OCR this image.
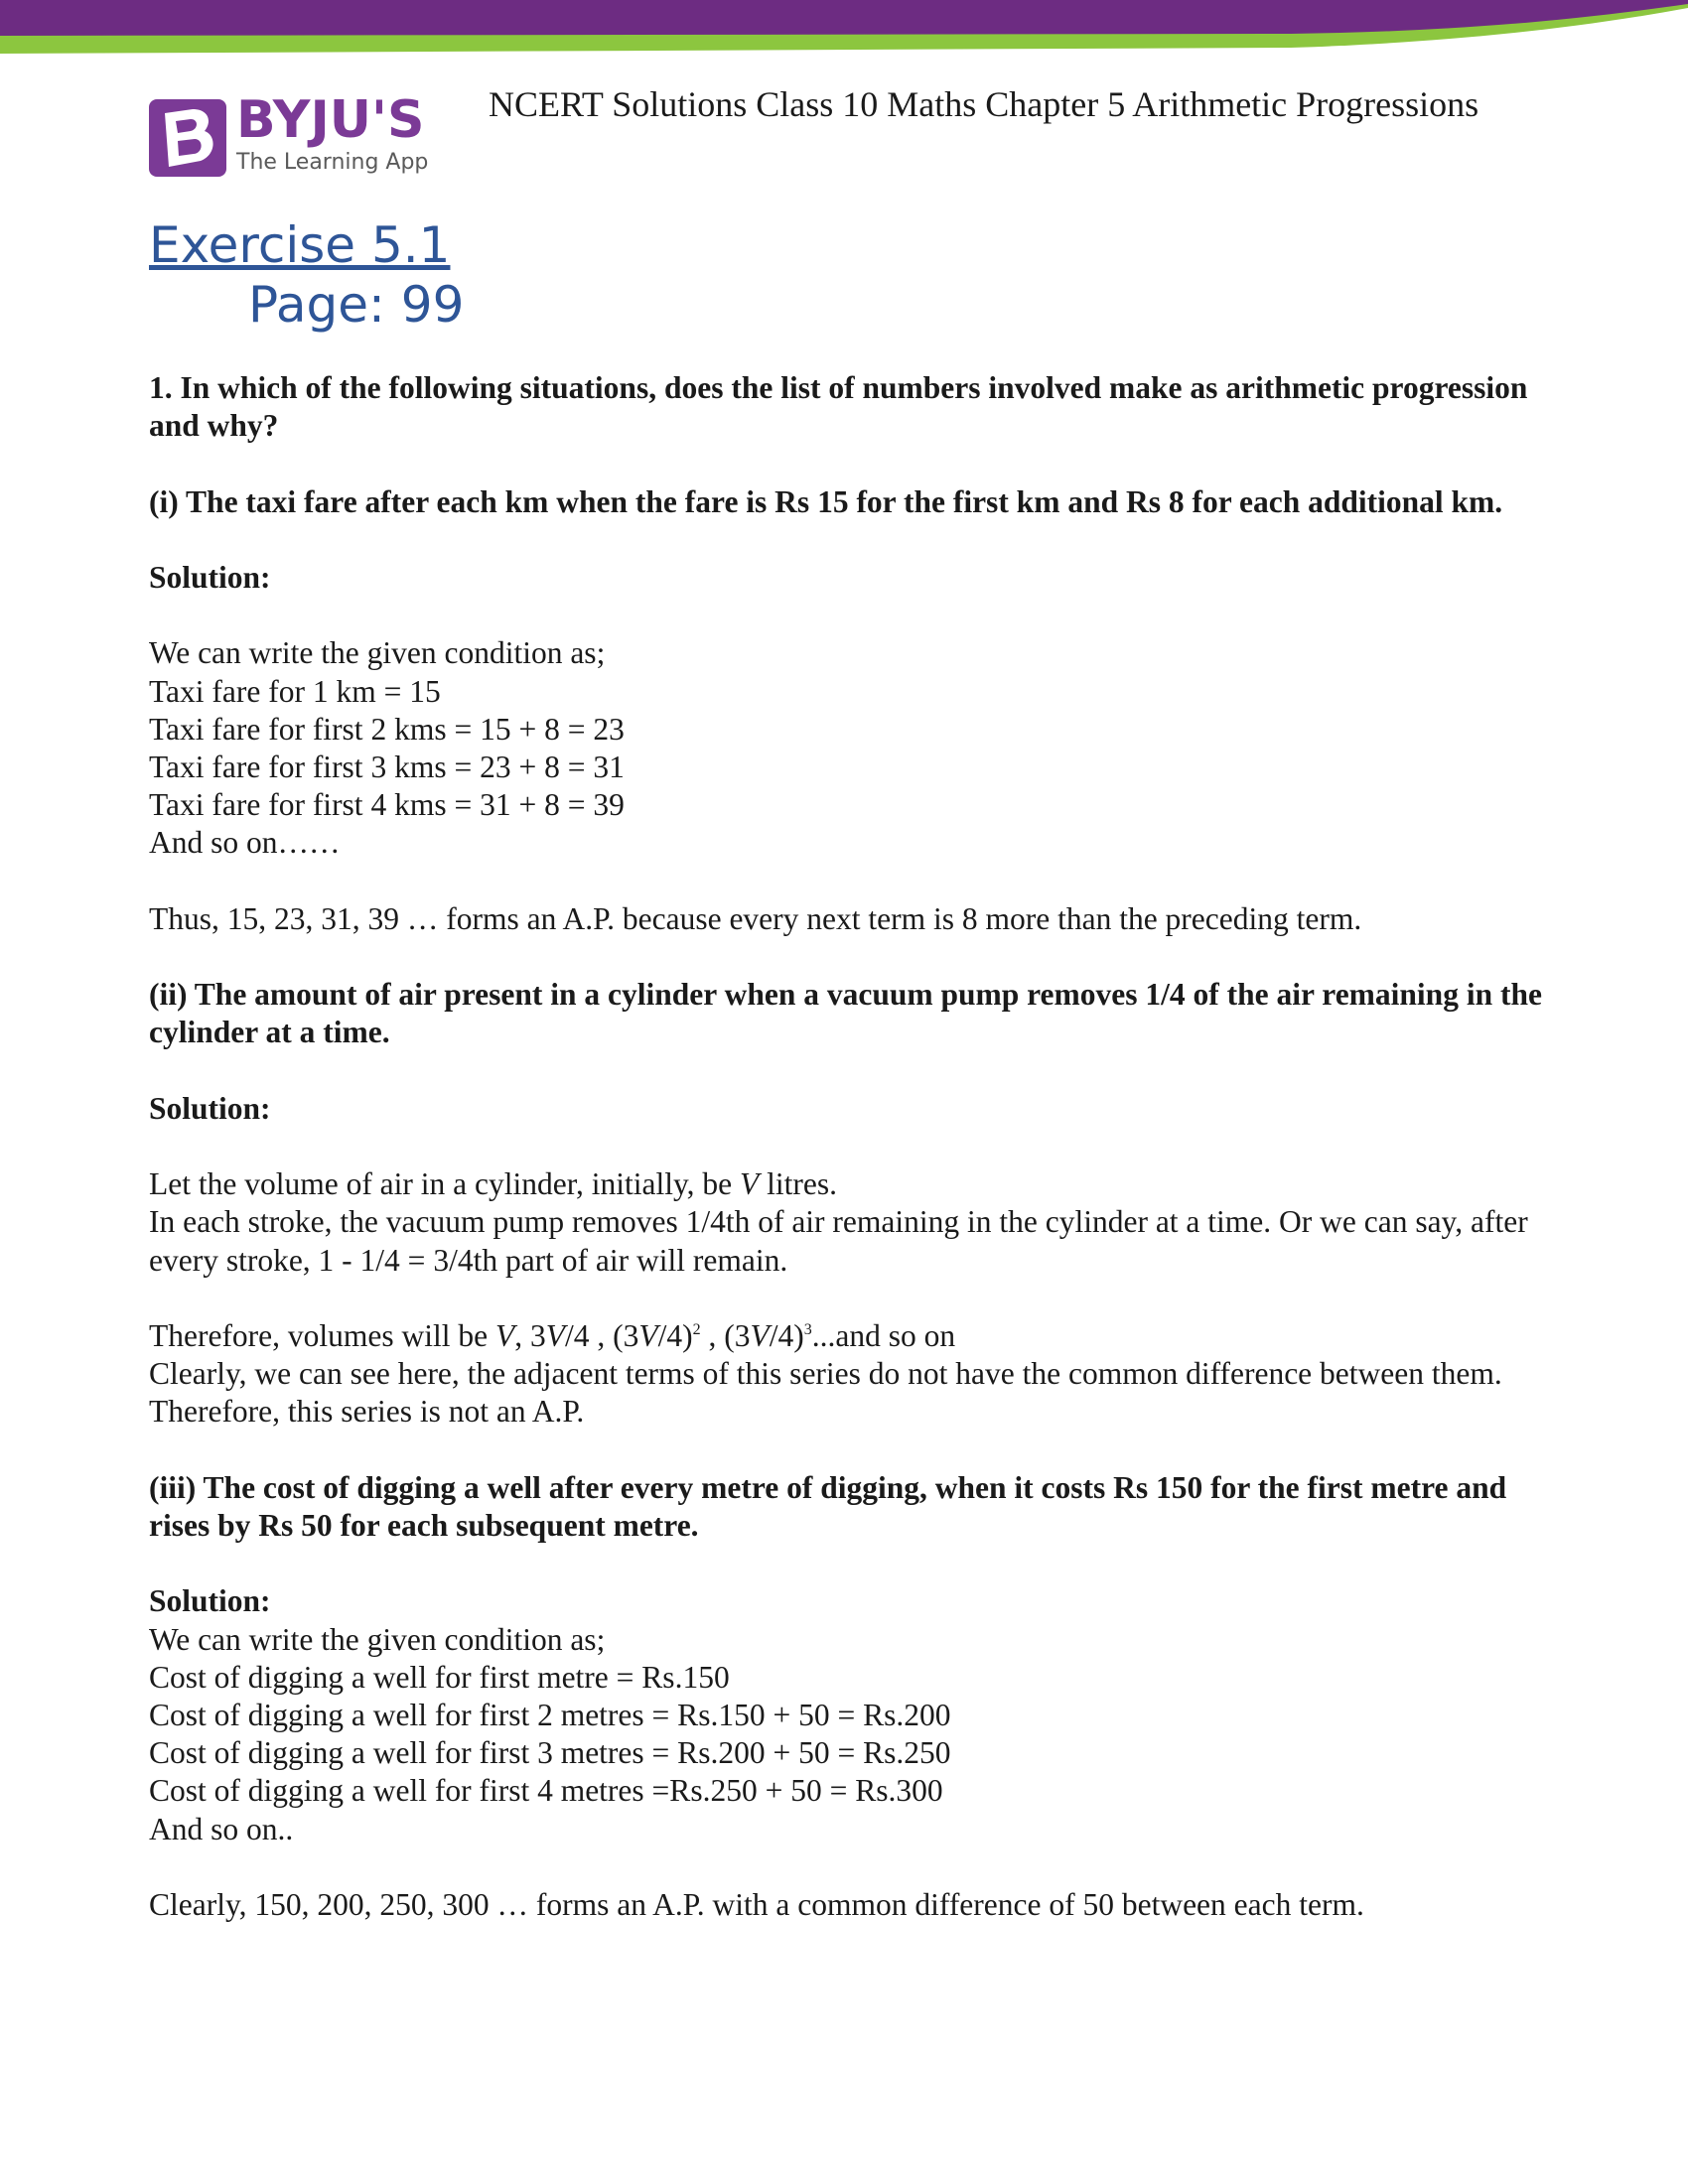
BYJU'S
The Learning App
NCERT Solutions Class 10 Maths Chapter 5 Arithmetic Progressions
Exercise 5.1
Page: 99

1. In which of the following situations, does the list of numbers involved make as arithmetic progression and why?

(i) The taxi fare after each km when the fare is Rs 15 for the first km and Rs 8 for each additional km.

Solution:

We can write the given condition as;

Taxi fare for 1 km = 15

Taxi fare for first 2 kms = 15 + 8 = 23

Taxi fare for first 3 kms = 23 + 8 = 31

Taxi fare for first 4 kms = 31 + 8 = 39

And so on……

Thus, 15, 23, 31, 39 … forms an A.P. because every next term is 8 more than the preceding term.

(ii) The amount of air present in a cylinder when a vacuum pump removes 1/4 of the air remaining in the cylinder at a time.

Solution:

Let the volume of air in a cylinder, initially, be V litres.

In each stroke, the vacuum pump removes 1/4th of air remaining in the cylinder at a time. Or we can say, after every stroke, 1 - 1/4 = 3/4th part of air will remain.

Therefore, volumes will be V, 3V/4 , $(3V/4)^2$ , $(3V/4)^3...and$ so on

Clearly, we can see here, the adjacent terms of this series do not have the common difference between them. Therefore, this series is not an A.P.

(iii) The cost of digging a well after every metre of digging, when it costs Rs 150 for the first metre and rises by Rs 50 for each subsequent metre.

Solution:

We can write the given condition as;

Cost of digging a well for first metre = Rs.150

Cost of digging a well for first 2 metres = Rs.150 + 50 = Rs.200

Cost of digging a well for first 3 metres = Rs.200 + 50 = Rs.250

Cost of digging a well for first 4 metres =Rs.250 + 50 = Rs.300

And so on..

Clearly, 150, 200, 250, 300 … forms an A.P. with a common difference of 50 between each term.
